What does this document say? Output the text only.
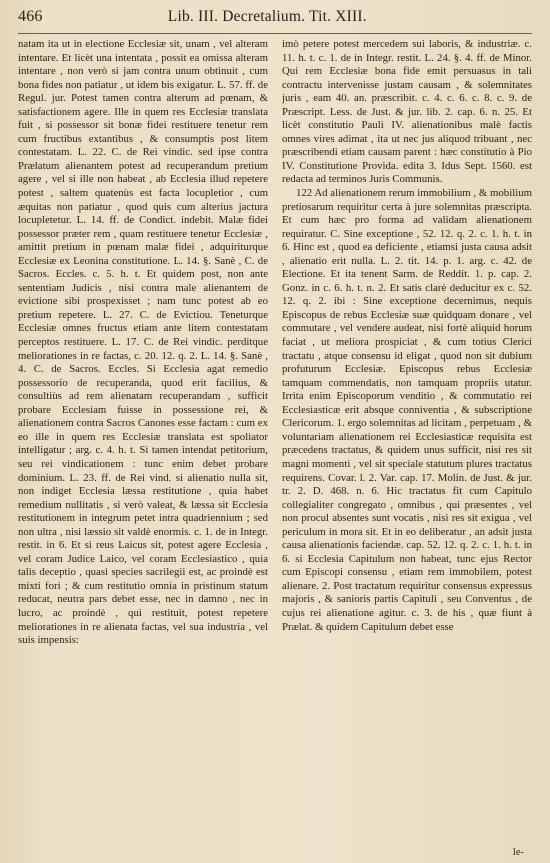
466	Lib. III. Decretalium. Tit. XIII.

natam ita ut in electione Ecclesiæ sit, unam , vel alteram intentare. Et licèt una intentata , possit ea omissa alteram intentare , non verò si jam contra unum obtinuit , cum bona fides non patiatur , ut idem bis exigatur. L. 57. ff. de Regul. jur. Potest tamen contra alterum ad pœnam, & satisfactionem agere. Ille in quem res Ecclesiæ translata fuit , si possessor sit bonæ fidei restituere tenetur rem cum fructibus extantibus , & consumptis post litem contestatam. L. 22. C. de Rei vindic. sed ipse contra Prælatum alienantem potest ad recuperandum pretium agere , vel si ille non habeat , ab Ecclesia illud repetere potest , saltem quatenùs est facta locupletior , cum æquitas non patiatur , quod quis cum alterius jactura locupletetur. L. 14. ff. de Condict. indebit. Malæ fidei possessor præter rem , quam restituere tenetur Ecclesiæ , amittit pretium in pœnam malæ fidei , adquiriturque Ecclesiæ ex Leonina constitutione. L. 14. §. Sanè , C. de Sacros. Eccles. c. 5. h. t. Et quidem post, non ante sententiam Judicis , nisi contra male alienantem de evictione sibi prospexisset ; nam tunc potest ab eo pretium repetere. L. 27. C. de Evictiou. Teneturque Ecclesiæ omnes fructus etiam ante litem contestatam perceptos restituere. L. 17. C. de Rei vindic. perditque meliorationes in re factas, c. 20. 12. q. 2. L. 14. §. Sanè , 4. C. de Sacros. Eccles. Si Ecclesia agat remedio possessorio de recuperanda, quod erit facilius, & consultiùs ad rem alienatam recuperandam , sufficit probare Ecclesiam fuisse in possessione rei, & alienationem contra Sacros Canones esse factam : cum ex eo ille in quem res Ecclesiæ translata est spoliator intelligatur ; arg. c. 4. h. t. Si tamen intendat petitorium, seu rei vindicationem : tunc enim debet probare dominium. L. 23. ff. de Rei vind. si alienatio nulla sit, non indiget Ecclesia læssa restitutione , quia habet remedium nullitatis , si verò valeat, & læssa sit Ecclesia restitutionem in integrum petet intra quadriennium ; sed non ultra , nisi læssio sit valdè enormis. c. 1. de in Integr. restit. in 6. Et si reus Laicus sit, potest agere Ecclesia , vel coram Judice Laico, vel coram Ecclesiastico , quia talis deceptio , quasi species sacrilegii est, ac proindè est mixti fori ; & cum restitutio omnia in pristinum statum reducat, neutra pars debet esse, nec in damno , nec in lucro, ac proindè , qui restituit, potest repetere meliorationes in re alienata factas, vel sua industria , vel suis impensis:

imò petere potest mercedem sui laboris, & industriæ. c. 11. h. t. c. 1. de in Integr. restit. L. 24. §. 4. ff. de Minor. Qui rem Ecclesiæ bona fide emit persuasus in tali contractu intervenisse justam causam , & solemnitates juris , eam 40. an. præscribit. c. 4. c. 6. c. 8. c. 9. de Præscript. Less. de Just. & jur. lib. 2. cap. 6. n. 25. Et licèt constitutio Pauli IV. alienationibus malè factis omnes vires adimat , ita ut nec jus aliquod tribuant , nec præscribendi etiam causam parent : hæc constitutio à Pio IV. Constitutione Provida. edita 3. Idus Sept. 1560. est redacta ad terminos Juris Communis.

122 Ad alienationem rerum immobilium , & mobilium pretiosarum requiritur certa à jure solemnitas præscripta. Et cum hæc pro forma ad validam alienationem requiratur. C. Sine exceptione , 52. 12. q. 2. c. 1. h. t. in 6. Hinc est , quod ea deficiente , etiamsi justa causa adsit , alienatio erit nulla. L. 2. tit. 14. p. 1. arg. c. 42. de Electione. Et ita tenent Sarm. de Reddit. 1. p. cap. 2. Gonz. in c. 6. h. t. n. 2. Et satis clarè deducitur ex c. 52. 12. q. 2. ibi : Sine exceptione decernimus, nequis Episcopus de rebus Ecclesiæ suæ quidquam donare , vel commutare , vel vendere audeat, nisi fortè aliquid horum faciat , ut meliora prospiciat , & cum totius Clerici tractatu , atque consensu id eligat , quod non sit dubium profuturum Ecclesiæ. Episcopus rebus Ecclesiæ tamquam commendatis, non tamquam propriis utatur. Irrita enim Episcoporum venditio , & commutatio rei Ecclesiasticæ erit absque conniventia , & subscriptione Clericorum. 1. ergo solemnitas ad licitam , perpetuam , & voluntariam alienationem rei Ecclesiasticæ requisita est præcedens tractatus, & quidem unus sufficit, nisi res sit magni momenti , vel sit speciale statutum plures tractatus requirens. Covar. l. 2. Var. cap. 17. Molin. de Just. & jur. tr. 2. D. 468. n. 6. Hic tractatus fit cum Capitulo collegialiter congregato , omnibus , qui præsentes , vel non procul absentes sunt vocatis , nisi res sit exigua , vel periculum in mora sit. Et in eo deliberatur , an adsit justa causa alienationis faciendæ. cap. 52. 12. q. 2. c. 1. h. t. in 6. si Ecclesia Capitulum non habeat, tunc ejus Rector cum Episcopi consensu , etiam rem immobilem, potest alienare. 2. Post tractatum requiritur consensus expressus majoris , & sanioris partis Capituli , seu Conventus , de cujus rei alienatione agitur. c. 3. de his , quæ fiunt à Prælat. & quidem Capitulum debet esse

le-
